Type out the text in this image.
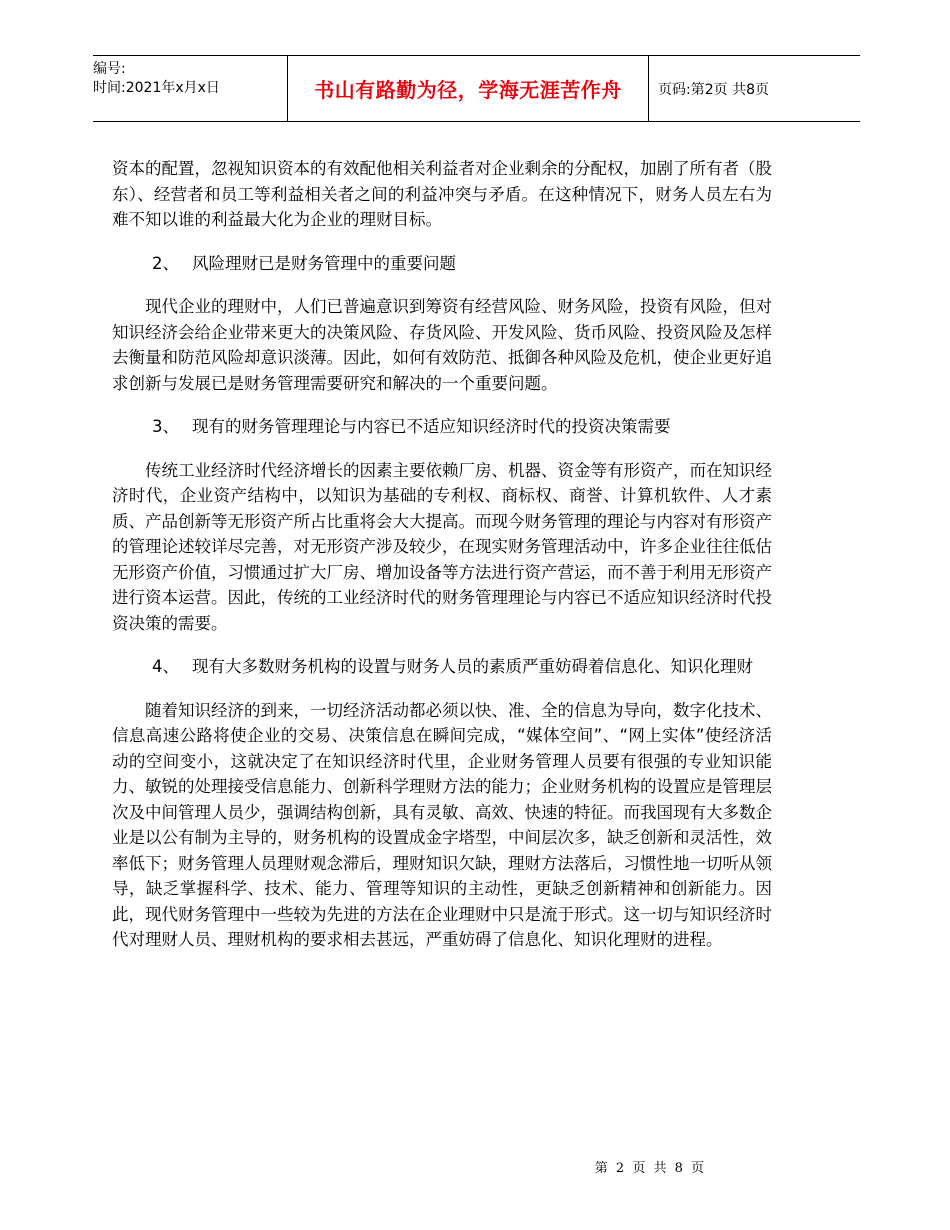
编号:
时间:2021年x月x日	书山有路勤为径，学海无涯苦作舟	页码:第2页 共8页

资本的配置，忽视知识资本的有效配他相关利益者对企业剩余的分配权，加剧了所有者（股东）、经营者和员工等利益相关者之间的利益冲突与矛盾。在这种情况下，财务人员左右为难不知以谁的利益最大化为企业的理财目标。

2、 风险理财已是财务管理中的重要问题

现代企业的理财中，人们已普遍意识到筹资有经营风险、财务风险，投资有风险，但对知识经济会给企业带来更大的决策风险、存货风险、开发风险、货币风险、投资风险及怎样去衡量和防范风险却意识淡薄。因此，如何有效防范、抵御各种风险及危机，使企业更好追求创新与发展已是财务管理需要研究和解决的一个重要问题。

3、 现有的财务管理理论与内容已不适应知识经济时代的投资决策需要

传统工业经济时代经济增长的因素主要依赖厂房、机器、资金等有形资产，而在知识经济时代，企业资产结构中，以知识为基础的专利权、商标权、商誉、计算机软件、人才素质、产品创新等无形资产所占比重将会大大提高。而现今财务管理的理论与内容对有形资产的管理论述较详尽完善，对无形资产涉及较少，在现实财务管理活动中，许多企业往往低估无形资产价值，习惯通过扩大厂房、增加设备等方法进行资产营运，而不善于利用无形资产进行资本运营。因此，传统的工业经济时代的财务管理理论与内容已不适应知识经济时代投资决策的需要。

4、 现有大多数财务机构的设置与财务人员的素质严重妨碍着信息化、知识化理财

随着知识经济的到来，一切经济活动都必须以快、准、全的信息为导向，数字化技术、信息高速公路将使企业的交易、决策信息在瞬间完成，“媒体空间”、“网上实体”使经济活动的空间变小，这就决定了在知识经济时代里，企业财务管理人员要有很强的专业知识能力、敏锐的处理接受信息能力、创新科学理财方法的能力；企业财务机构的设置应是管理层次及中间管理人员少，强调结构创新，具有灵敏、高效、快速的特征。而我国现有大多数企业是以公有制为主导的，财务机构的设置成金字塔型，中间层次多，缺乏创新和灵活性，效率低下；财务管理人员理财观念滞后，理财知识欠缺，理财方法落后，习惯性地一切听从领导，缺乏掌握科学、技术、能力、管理等知识的主动性，更缺乏创新精神和创新能力。因此，现代财务管理中一些较为先进的方法在企业理财中只是流于形式。这一切与知识经济时代对理财人员、理财机构的要求相去甚远，严重妨碍了信息化、知识化理财的进程。

第 2 页 共 8 页
